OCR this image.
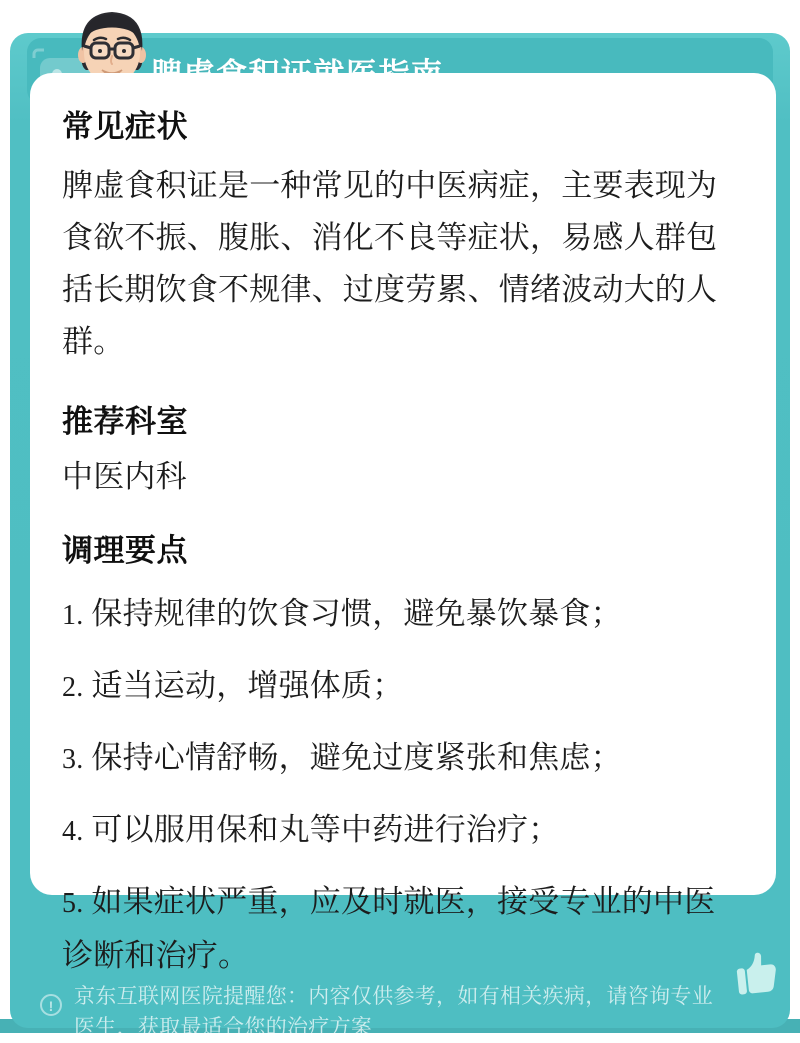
! 京东互联网医院提醒您：内容仅供参考，如有相关疾病，请咨询专业医生，获取最适合您的治疗方案
常见症状

脾虚食积证是一种常见的中医病症，主要表现为食欲不振、腹胀、消化不良等症状，易感人群包括长期饮食不规律、过度劳累、情绪波动大的人群。

推荐科室

中医内科

调理要点

1. 保持规律的饮食习惯，避免暴饮暴食；

2. 适当运动，增强体质；

3. 保持心情舒畅，避免过度紧张和焦虑；

4. 可以服用保和丸等中药进行治疗；

5. 如果症状严重，应及时就医，接受专业的中医诊断和治疗。
